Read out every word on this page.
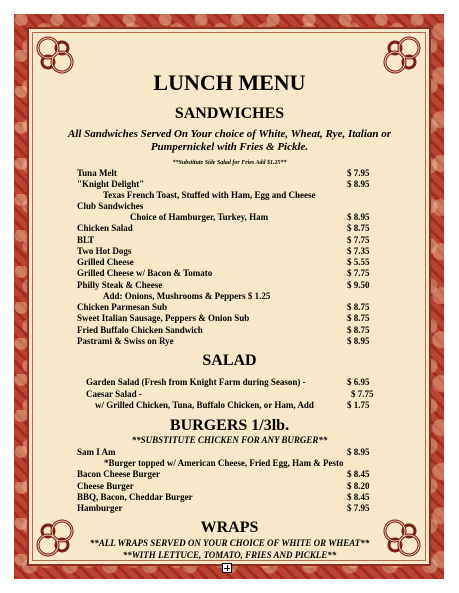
LUNCH MENU
SANDWICHES
All Sandwiches Served On Your choice of White, Wheat, Rye, Italian or
Pumpernickel with Fries & Pickle.
**Substitute Side Salad for Fries Add $1.25**
Tuna Melt	$ 7.95
"Knight Delight"	$ 8.95
Texas French Toast, Stuffed with Ham, Egg and Cheese
Club Sandwiches
Choice of Hamburger, Turkey, Ham	$ 8.95
Chicken Salad	$ 8.75
BLT	$ 7.75
Two Hot Dogs	$ 7.35
Grilled Cheese	$ 5.55
Grilled Cheese w/ Bacon & Tomato	$ 7.75
Philly Steak & Cheese	$ 9.50
Add: Onions, Mushrooms & Peppers $ 1.25
Chicken Parmesan Sub	$ 8.75
Sweet Italian Sausage, Peppers & Onion Sub	$ 8.75
Fried Buffalo Chicken Sandwich	$ 8.75
Pastrami & Swiss on Rye	$ 8.95
SALAD
Garden Salad (Fresh from Knight Farm during Season) -	$ 6.95
Caesar Salad -	$ 7.75
w/ Grilled Chicken, Tuna, Buffalo Chicken, or Ham, Add	$ 1.75
BURGERS 1/3lb.
**SUBSTITUTE CHICKEN FOR ANY BURGER**
Sam I Am	$ 8.95
*Burger topped w/ American Cheese, Fried Egg, Ham & Pesto
Bacon Cheese Burger	$ 8.45
Cheese Burger	$ 8.20
BBQ, Bacon, Cheddar Burger	$ 8.45
Hamburger	$ 7.95
WRAPS
**ALL WRAPS SERVED ON YOUR CHOICE OF WHITE OR WHEAT**
**WITH LETTUCE, TOMATO, FRIES AND PICKLE**
